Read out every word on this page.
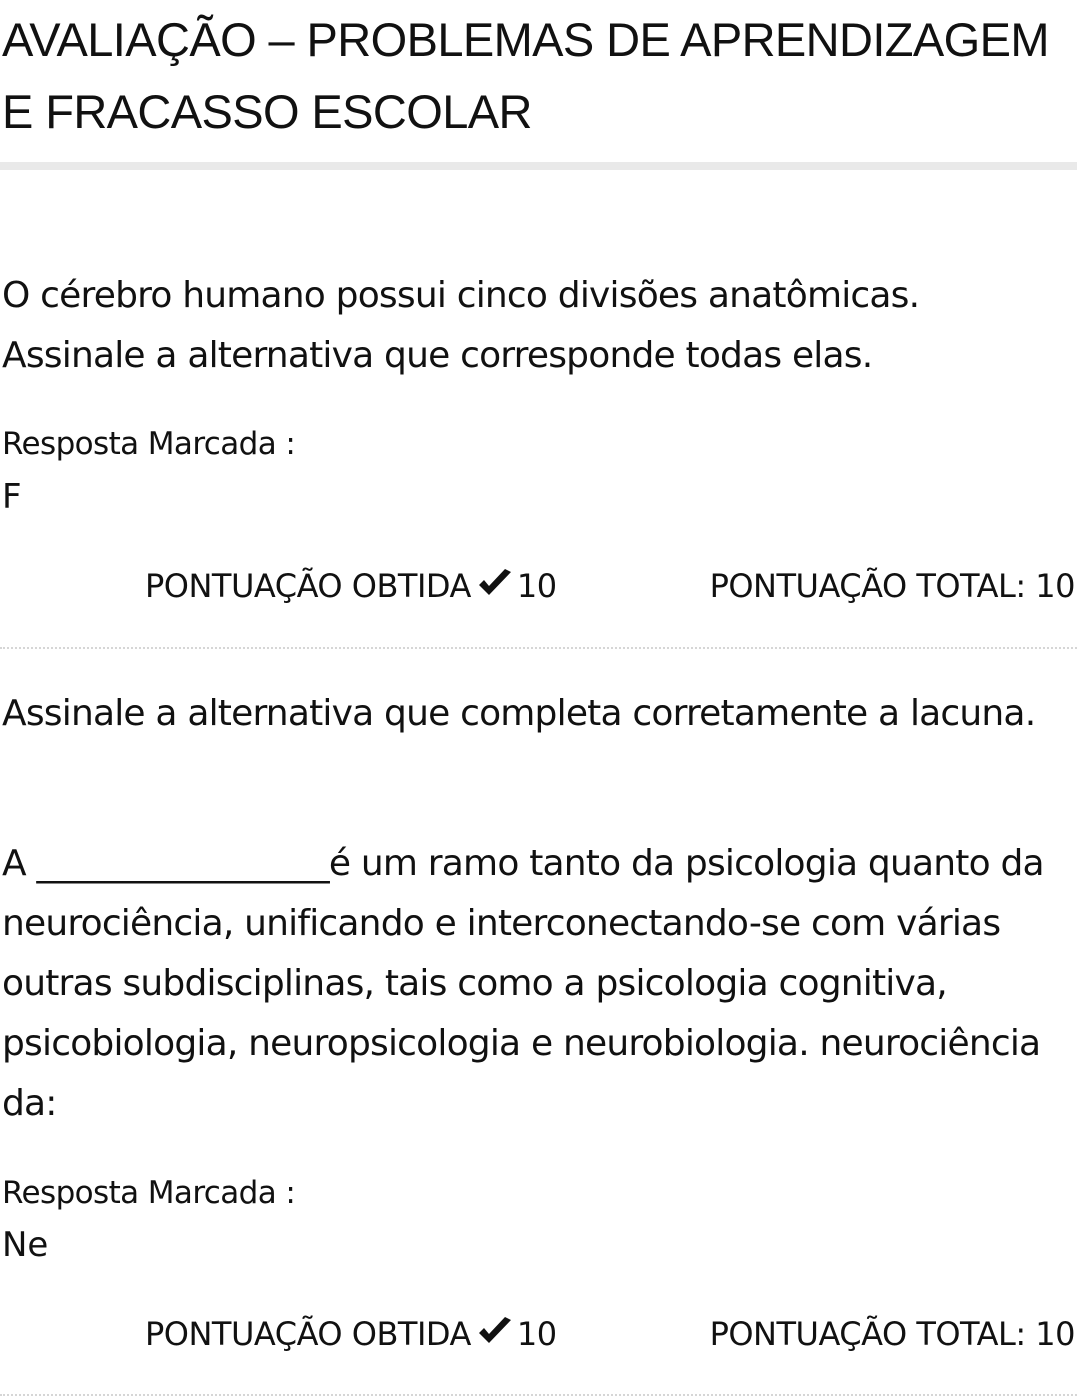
AVALIAÇÃO – PROBLEMAS DE APRENDIZAGEM E FRACASSO ESCOLAR

O cérebro humano possui cinco divisões anatômicas. Assinale a alternativa que corresponde todas elas.

Resposta Marcada :
F
PONTUAÇÃO OBTIDA 10	PONTUAÇÃO TOTAL: 10

Assinale a alternativa que completa corretamente a lacuna.

A _________________é um ramo tanto da psicologia quanto da neurociência, unificando e interconectando-se com várias outras subdisciplinas, tais como a psicologia cognitiva, psicobiologia, neuropsicologia e neurobiologia. neurociência da:

Resposta Marcada :
Ne
PONTUAÇÃO OBTIDA 10	PONTUAÇÃO TOTAL: 10
